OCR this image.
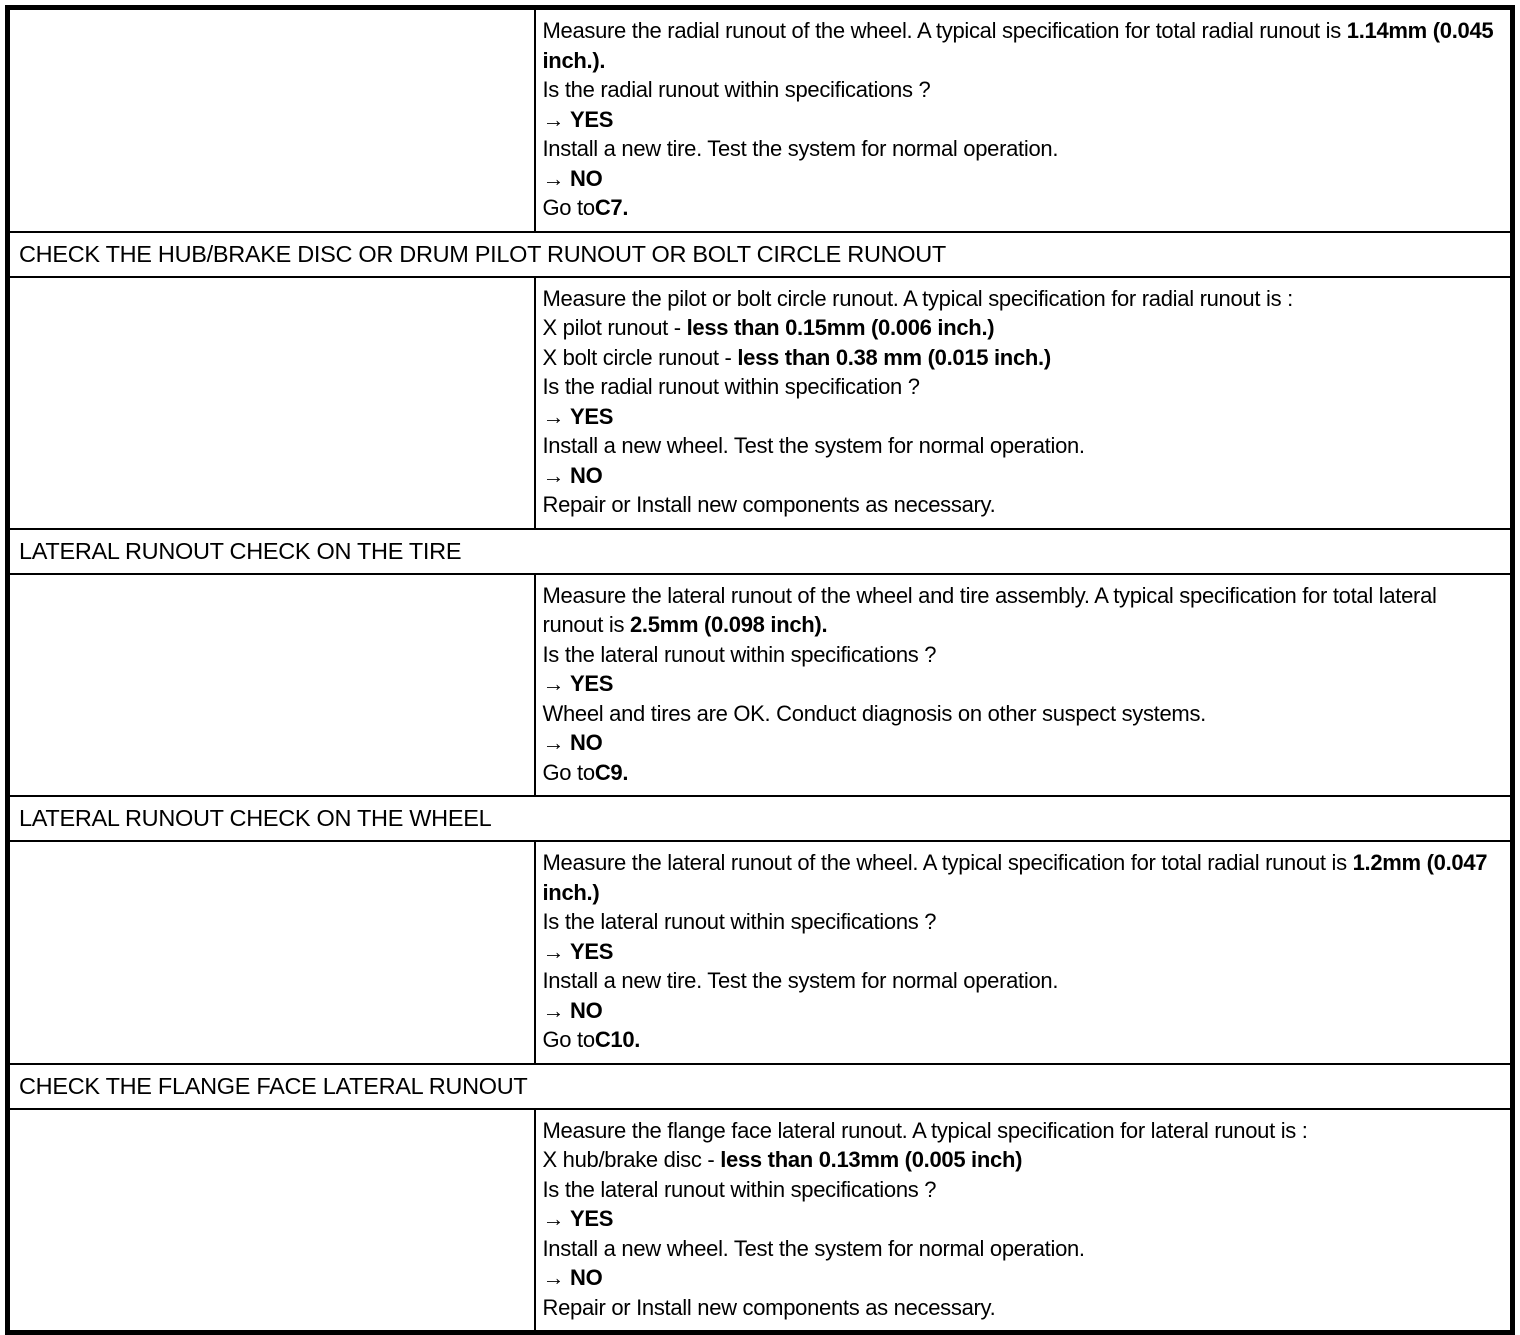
Measure the radial runout of the wheel. A typical specification for total radial runout is 1.14mm (0.045 inch.).
Is the radial runout within specifications ?
→ YES
Install a new tire. Test the system for normal operation.
→ NO
Go toC7.

CHECK THE HUB/BRAKE DISC OR DRUM PILOT RUNOUT OR BOLT CIRCLE RUNOUT	

Measure the pilot or bolt circle runout. A typical specification for radial runout is :
X pilot runout - less than 0.15mm (0.006 inch.)
X bolt circle runout - less than 0.38 mm (0.015 inch.)
Is the radial runout within specification ?
→ YES
Install a new wheel. Test the system for normal operation.
→ NO
Repair or Install new components as necessary.

LATERAL RUNOUT CHECK ON THE TIRE	

Measure the lateral runout of the wheel and tire assembly. A typical specification for total lateral runout is 2.5mm (0.098 inch).
Is the lateral runout within specifications ?
→ YES
Wheel and tires are OK. Conduct diagnosis on other suspect systems.
→ NO
Go toC9.

LATERAL RUNOUT CHECK ON THE WHEEL	

Measure the lateral runout of the wheel. A typical specification for total radial runout is 1.2mm (0.047 inch.)
Is the lateral runout within specifications ?
→ YES
Install a new tire. Test the system for normal operation.
→ NO
Go toC10.

CHECK THE FLANGE FACE LATERAL RUNOUT	

Measure the flange face lateral runout. A typical specification for lateral runout is :
X hub/brake disc - less than 0.13mm (0.005 inch)
Is the lateral runout within specifications ?
→ YES
Install a new wheel. Test the system for normal operation.
→ NO
Repair or Install new components as necessary.
